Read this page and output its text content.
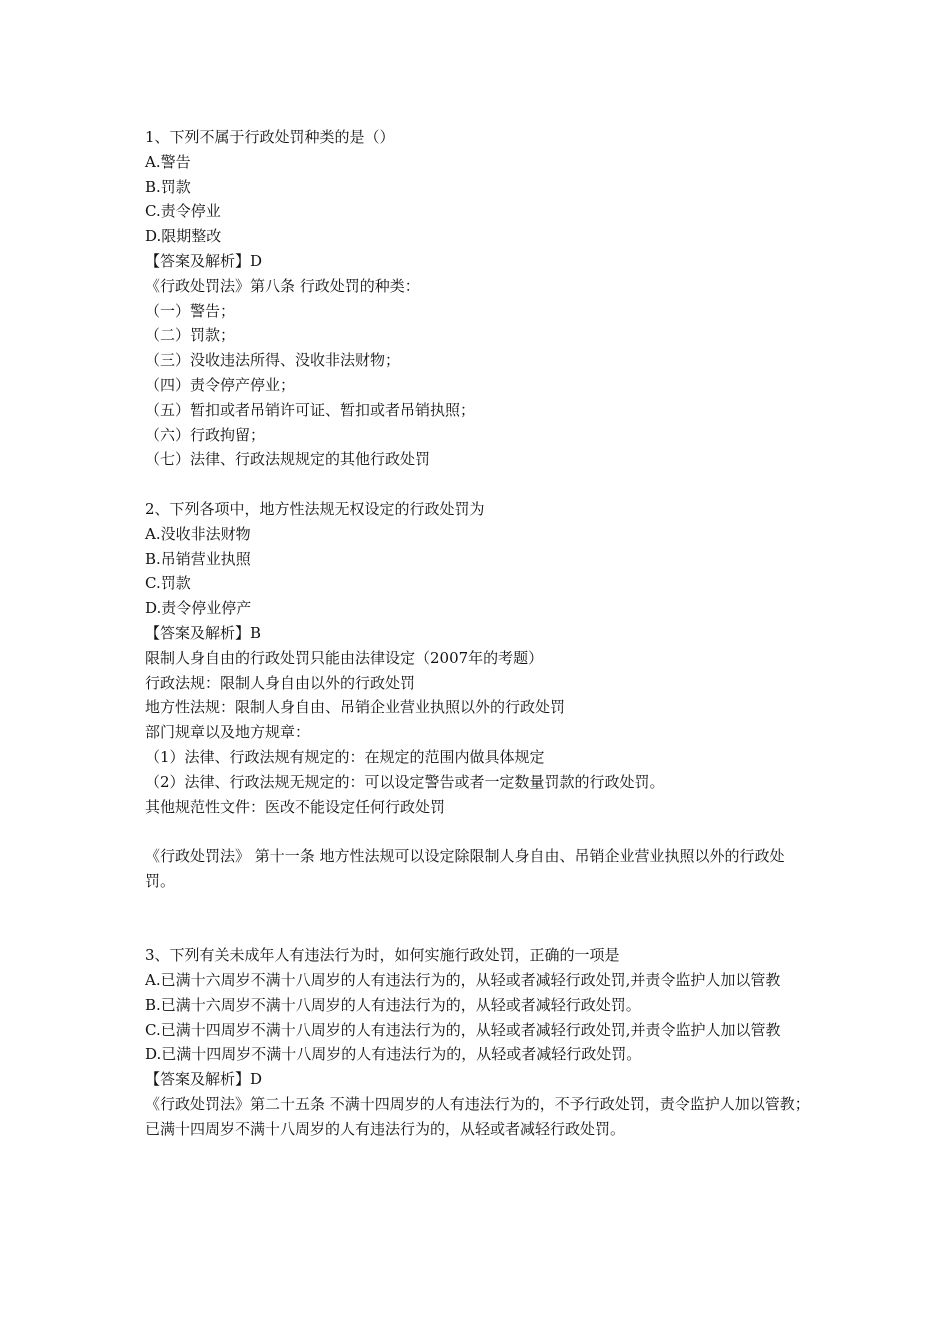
1、下列不属于行政处罚种类的是（）

A.警告

B.罚款

C.责令停业

D.限期整改

【答案及解析】D

《行政处罚法》第八条 行政处罚的种类：

（一）警告；

（二）罚款；

（三）没收违法所得、没收非法财物；

（四）责令停产停业；

（五）暂扣或者吊销许可证、暂扣或者吊销执照；

（六）行政拘留；

（七）法律、行政法规规定的其他行政处罚

2、下列各项中，地方性法规无权设定的行政处罚为

A.没收非法财物

B.吊销营业执照

C.罚款

D.责令停业停产

【答案及解析】B

限制人身自由的行政处罚只能由法律设定（2007年的考题）

行政法规：限制人身自由以外的行政处罚

地方性法规：限制人身自由、吊销企业营业执照以外的行政处罚

部门规章以及地方规章：

（1）法律、行政法规有规定的：在规定的范围内做具体规定

（2）法律、行政法规无规定的：可以设定警告或者一定数量罚款的行政处罚。

其他规范性文件：医改不能设定任何行政处罚

《行政处罚法》 第十一条 地方性法规可以设定除限制人身自由、吊销企业营业执照以外的行政处罚。

3、下列有关未成年人有违法行为时，如何实施行政处罚，正确的一项是

A.已满十六周岁不满十八周岁的人有违法行为的，从轻或者减轻行政处罚,并责令监护人加以管教

B.已满十六周岁不满十八周岁的人有违法行为的，从轻或者减轻行政处罚。

C.已满十四周岁不满十八周岁的人有违法行为的，从轻或者减轻行政处罚,并责令监护人加以管教

D.已满十四周岁不满十八周岁的人有违法行为的，从轻或者减轻行政处罚。

【答案及解析】D

《行政处罚法》第二十五条 不满十四周岁的人有违法行为的，不予行政处罚，责令监护人加以管教；已满十四周岁不满十八周岁的人有违法行为的，从轻或者减轻行政处罚。
